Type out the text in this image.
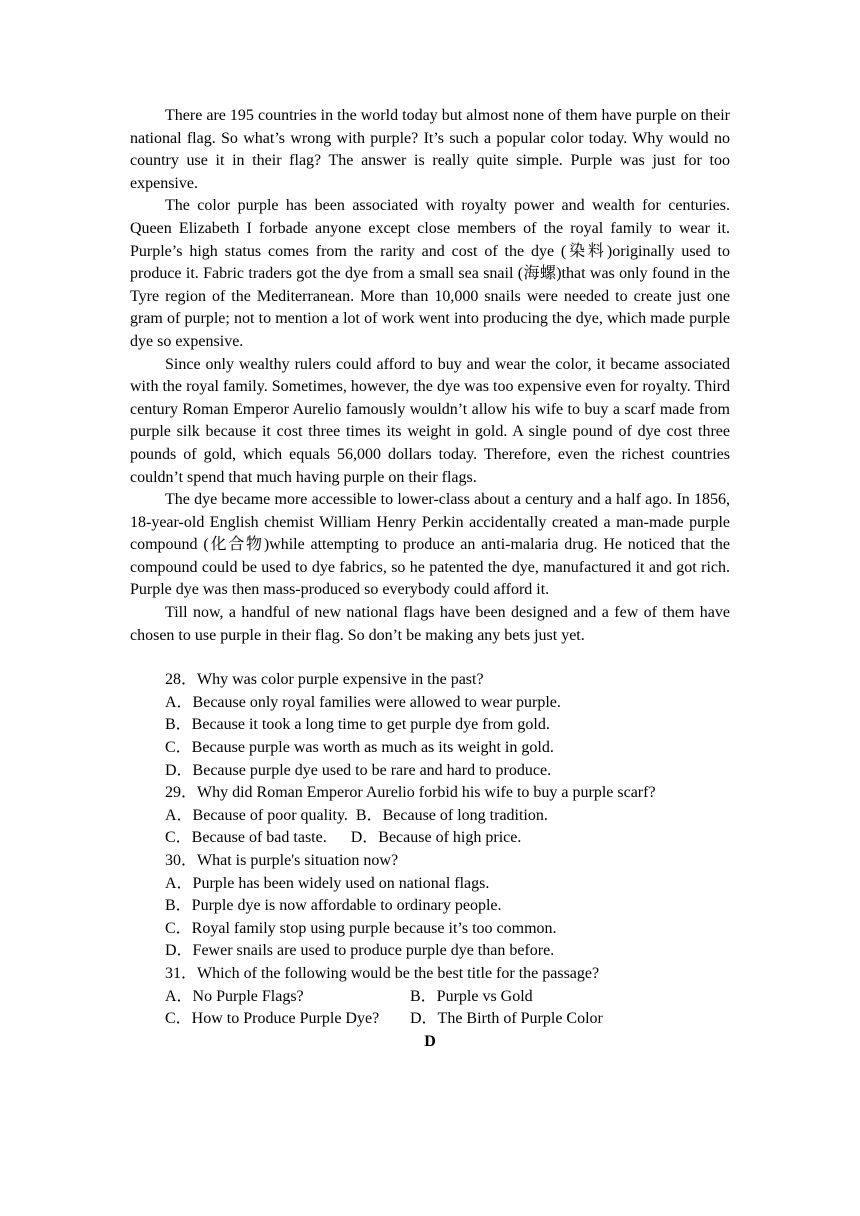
There are 195 countries in the world today but almost none of them have purple on their national flag. So what’s wrong with purple? It’s such a popular color today. Why would no country use it in their flag? The answer is really quite simple. Purple was just for too expensive.

The color purple has been associated with royalty power and wealth for centuries. Queen Elizabeth I forbade anyone except close members of the royal family to wear it. Purple’s high status comes from the rarity and cost of the dye (染料)originally used to produce it. Fabric traders got the dye from a small sea snail (海螺)that was only found in the Tyre region of the Mediterranean. More than 10,000 snails were needed to create just one gram of purple; not to mention a lot of work went into producing the dye, which made purple dye so expensive.

Since only wealthy rulers could afford to buy and wear the color, it became associated with the royal family. Sometimes, however, the dye was too expensive even for royalty. Third century Roman Emperor Aurelio famously wouldn’t allow his wife to buy a scarf made from purple silk because it cost three times its weight in gold. A single pound of dye cost three pounds of gold, which equals 56,000 dollars today. Therefore, even the richest countries couldn’t spend that much having purple on their flags.

The dye became more accessible to lower-class about a century and a half ago. In 1856, 18-year-old English chemist William Henry Perkin accidentally created a man-made purple compound (化合物)while attempting to produce an anti-malaria drug. He noticed that the compound could be used to dye fabrics, so he patented the dye, manufactured it and got rich. Purple dye was then mass-produced so everybody could afford it.

Till now, a handful of new national flags have been designed and a few of them have chosen to use purple in their flag. So don’t be making any bets just yet.

28．Why was color purple expensive in the past?

A．Because only royal families were allowed to wear purple.

B．Because it took a long time to get purple dye from gold.

C．Because purple was worth as much as its weight in gold.

D．Because purple dye used to be rare and hard to produce.

29．Why did Roman Emperor Aurelio forbid his wife to buy a purple scarf?

A．Because of poor quality.  B．Because of long tradition.

C．Because of bad taste.      D．Because of high price.

30．What is purple's situation now?

A．Purple has been widely used on national flags.

B．Purple dye is now affordable to ordinary people.

C．Royal family stop using purple because it’s too common.

D．Fewer snails are used to produce purple dye than before.

31．Which of the following would be the best title for the passage?

A．No Purple Flags?	B．Purple vs Gold
C．How to Produce Purple Dye?	D．The Birth of Purple Color
D
